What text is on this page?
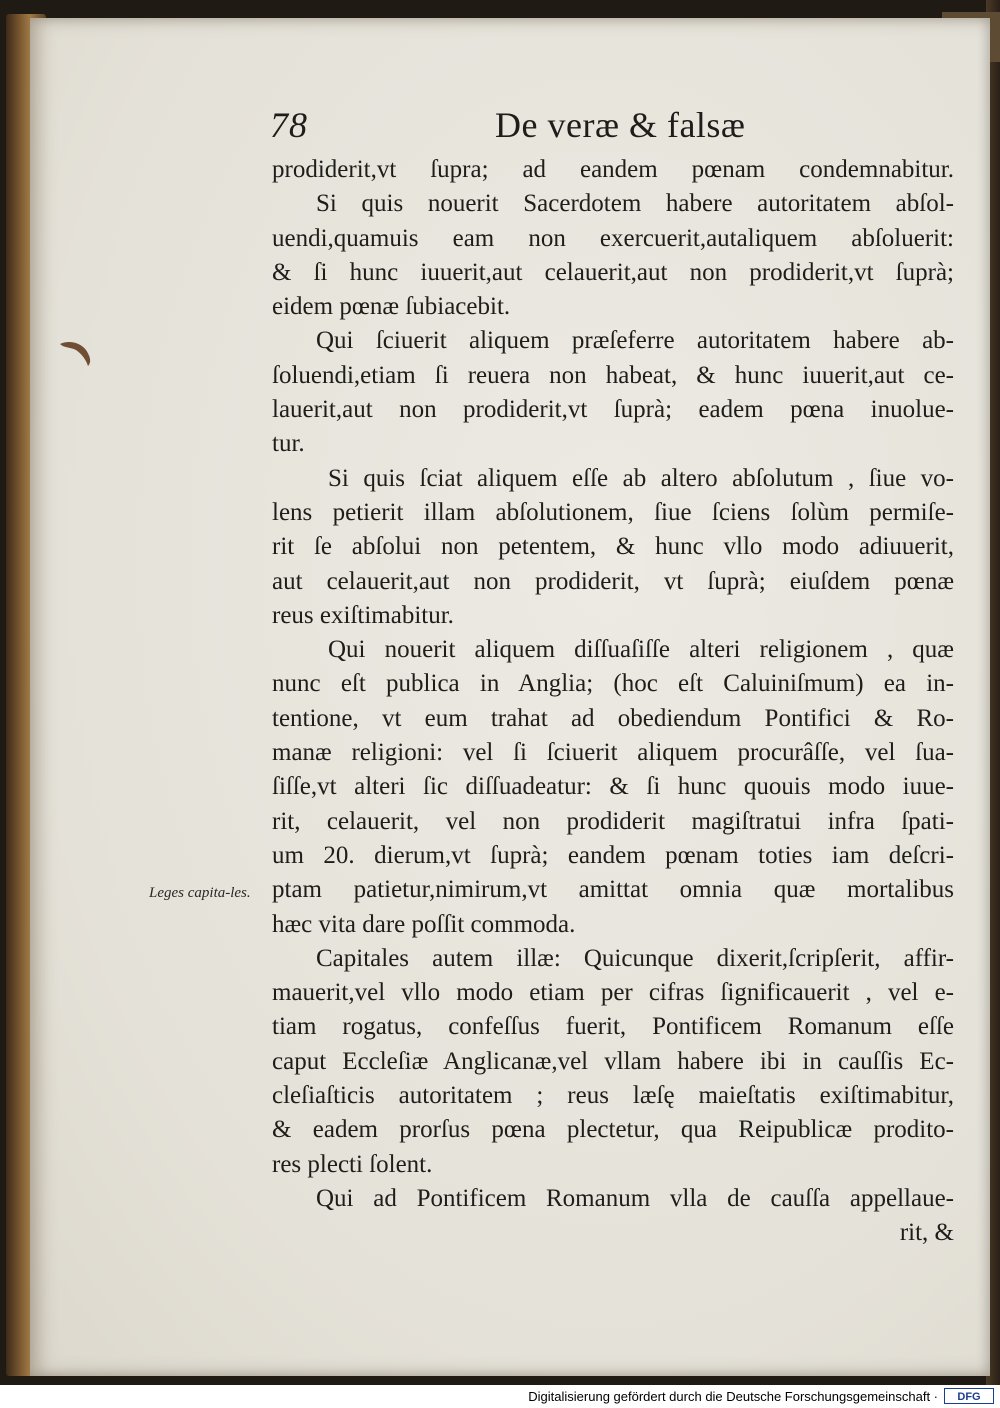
78	De veræ & falsæ
prodiderit,vt ſupra; ad eandem pœnam condemnabitur.
Si quis nouerit Sacerdotem habere autoritatem abſol-
uendi,quamuis eam non exercuerit,autaliquem abſoluerit:
& ſi hunc iuuerit,aut celauerit,aut non prodiderit,vt ſuprà;
eidem pœnæ ſubiacebit.
Qui ſciuerit aliquem præſeferre autoritatem habere ab-
ſoluendi,etiam ſi reuera non habeat, & hunc iuuerit,aut ce-
lauerit,aut non prodiderit,vt ſuprà; eadem pœna inuolue-
tur.
Si quis ſciat aliquem eſſe ab altero abſolutum , ſiue vo-
lens petierit illam abſolutionem, ſiue ſciens ſolùm permiſe-
rit ſe abſolui non petentem, & hunc vllo modo adiuuerit,
aut celauerit,aut non prodiderit, vt ſuprà; eiuſdem pœnæ
reus exiſtimabitur.
Qui nouerit aliquem diſſuaſiſſe alteri religionem , quæ
nunc eſt publica in Anglia; (hoc eſt Caluiniſmum) ea in-
tentione, vt eum trahat ad obediendum Pontifici & Ro-
manæ religioni: vel ſi ſciuerit aliquem procurâſſe, vel ſua-
ſiſſe,vt alteri ſic diſſuadeatur: & ſi hunc quouis modo iuue-
rit, celauerit, vel non prodiderit magiſtratui infra ſpati-
um 20. dierum,vt ſuprà; eandem pœnam toties iam deſcri-
ptam patietur,nimirum,vt amittat omnia quæ mortalibus
hæc vita dare poſſit commoda.
Capitales autem illæ: Quicunque dixerit,ſcripſerit, affir-
mauerit,vel vllo modo etiam per cifras ſignificauerit , vel e-
tiam rogatus, confeſſus fuerit, Pontificem Romanum eſſe
caput Eccleſiæ Anglicanæ,vel vllam habere ibi in cauſſis Ec-
cleſiaſticis autoritatem ; reus læſę maieſtatis exiſtimabitur,
& eadem prorſus pœna plectetur, qua Reipublicæ prodito-
res plecti ſolent.
Qui ad Pontificem Romanum vlla de cauſſa appellaue-
rit, &
Leges capita-les.
Digitalisierung gefördert durch die Deutsche Forschungsgemeinschaft ·	DFG
